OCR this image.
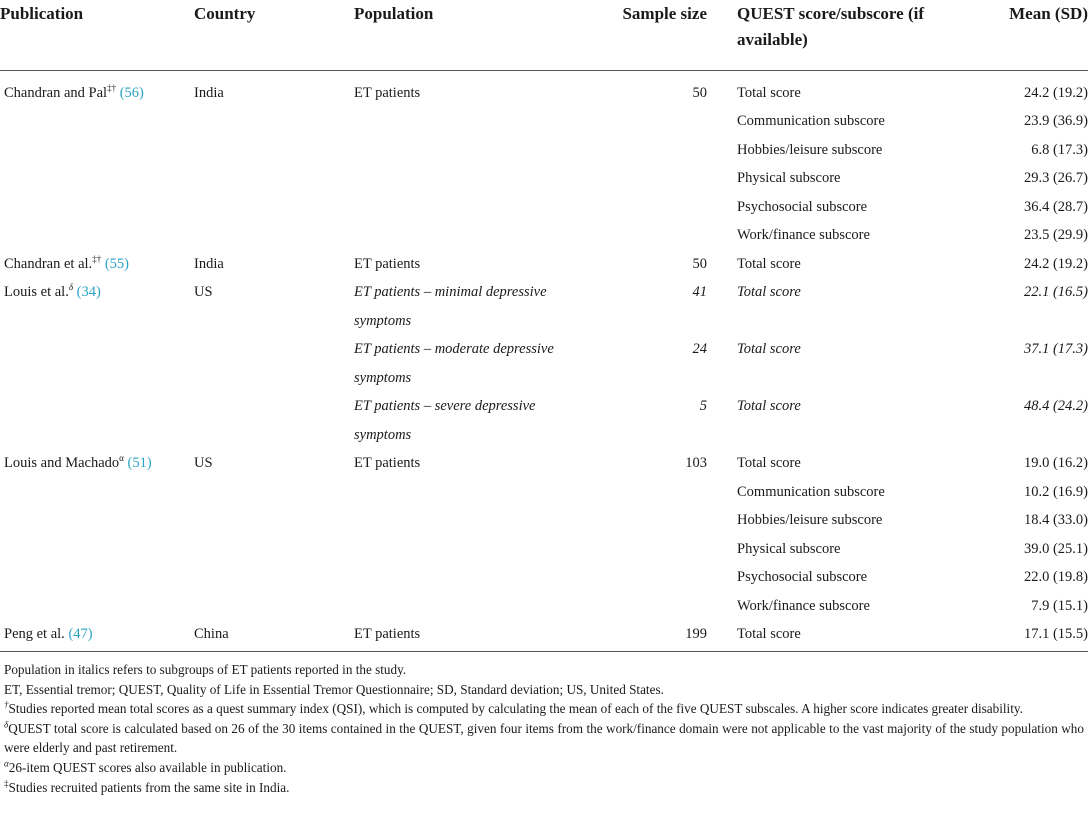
Publication	Country	Population	Sample size	QUEST score/subscore (if available)	Mean (SD)
Chandran and Pal‡† (56)	India	ET patients	50	Total score	24.2 (19.2)
				Communication subscore	23.9 (36.9)
				Hobbies/leisure subscore	6.8 (17.3)
				Physical subscore	29.3 (26.7)
				Psychosocial subscore	36.4 (28.7)
				Work/finance subscore	23.5 (29.9)
Chandran et al.‡† (55)	India	ET patients	50	Total score	24.2 (19.2)
Louis et al.$^\delta$ (34)	US	ET patients – minimal depressive symptoms	41	Total score	22.1 (16.5)
		ET patients – moderate depressive symptoms	24	Total score	37.1 (17.3)
		ET patients – severe depressive symptoms	5	Total score	48.4 (24.2)
Louis and Machado$^\alpha$ (51)	US	ET patients	103	Total score	19.0 (16.2)
				Communication subscore	10.2 (16.9)
				Hobbies/leisure subscore	18.4 (33.0)
				Physical subscore	39.0 (25.1)
				Psychosocial subscore	22.0 (19.8)
				Work/finance subscore	7.9 (15.1)
Peng et al. (47)	China	ET patients	199	Total score	17.1 (15.5)

Population in italics refers to subgroups of ET patients reported in the study.

ET, Essential tremor; QUEST, Quality of Life in Essential Tremor Questionnaire; SD, Standard deviation; US, United States.

†Studies reported mean total scores as a quest summary index (QSI), which is computed by calculating the mean of each of the five QUEST subscales. A higher score indicates greater disability.

$^\delta$QUEST total score is calculated based on 26 of the 30 items contained in the QUEST, given four items from the work/finance domain were not applicable to the vast majority of the study population who were elderly and past retirement.

$^\alpha$26-item QUEST scores also available in publication.

‡Studies recruited patients from the same site in India.
